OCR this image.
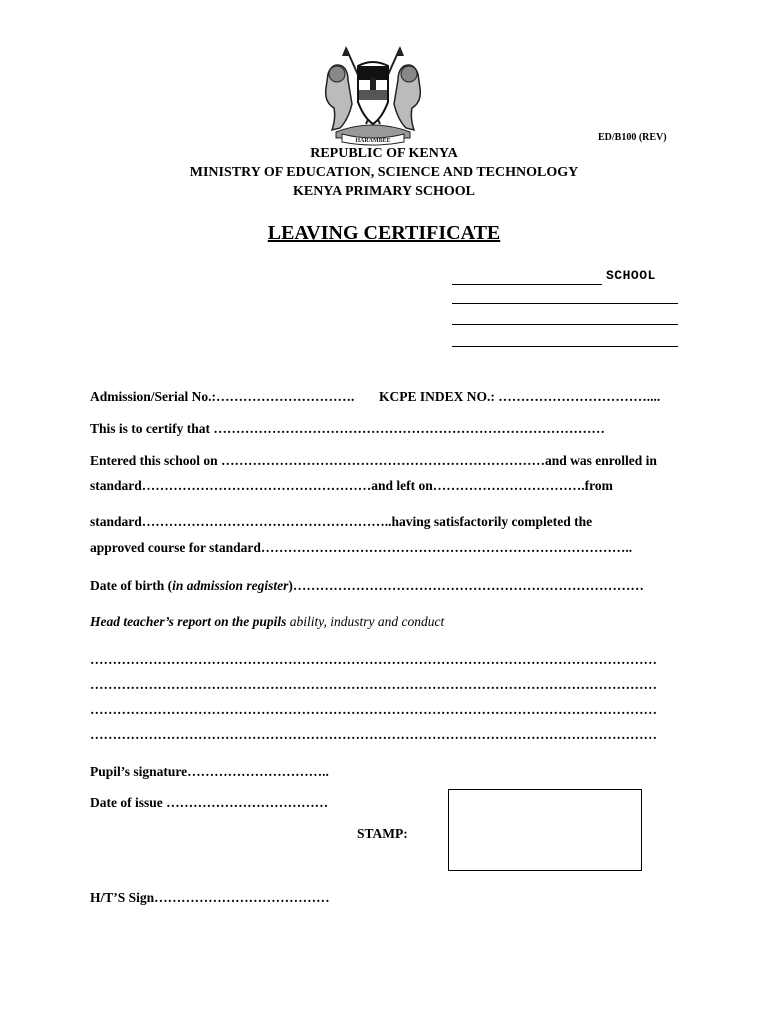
HARAMBEE	ED/B100 (REV)
REPUBLIC OF KENYA
MINISTRY OF EDUCATION, SCIENCE AND TECHNOLOGY
KENYA PRIMARY SCHOOL
LEAVING CERTIFICATE
SCHOOL
Admission/Serial No.:…………………………. KCPE INDEX NO.: ……………………………....
This is to certify that ……………………………………………………………………………
Entered this school on ………………………………………………………………and was enrolled in
standard……………………………………………and left on…………………………….from
standard………………………………………………..having satisfactorily completed the
approved course for standard………………………………………………………………………..
Date of birth (in admission register)……………………………………………………………………
Head teacher’s report on the pupils ability, industry and conduct
………………………………………………………………………………………………………………
………………………………………………………………………………………………………………
………………………………………………………………………………………………………………
………………………………………………………………………………………………………………
Pupil’s signature…………………………..
Date of issue ………………………………
STAMP:
H/T’S Sign…………………………………
